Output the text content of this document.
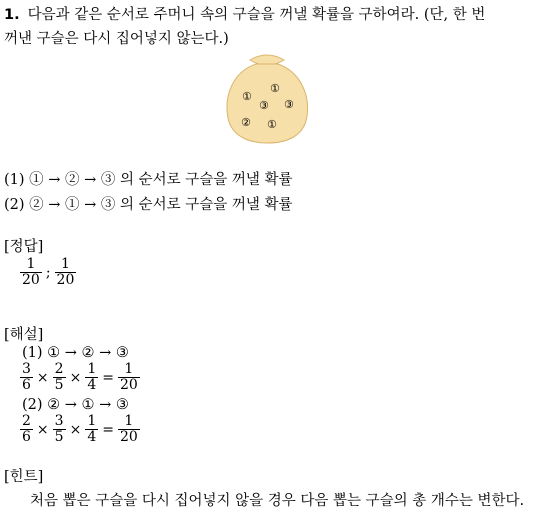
1. 다음과 같은 순서로 주머니 속의 구슬을 꺼낼 확률을 구하여라. (단, 한 번
꺼낸 구슬은 다시 집어넣지 않는다.)
①
①
③ ③
② ①
(1) ① → ② → ③ 의 순서로 구슬을 꺼낼 확률
(2) ② → ① → ③ 의 순서로 구슬을 꺼낼 확률
[정답]
$\frac{1}{20}$ ; $\frac{1}{20}$
[해설]
(1) ① → ② → ③
$\frac{3}{6} \times \frac{2}{5} \times \frac{1}{4} = \frac{1}{20}$
(2) ② → ① → ③
$\frac{2}{6} \times \frac{3}{5} \times \frac{1}{4} = \frac{1}{20}$
[힌트]
처음 뽑은 구슬을 다시 집어넣지 않을 경우 다음 뽑는 구슬의 총 개수는 변한다.
